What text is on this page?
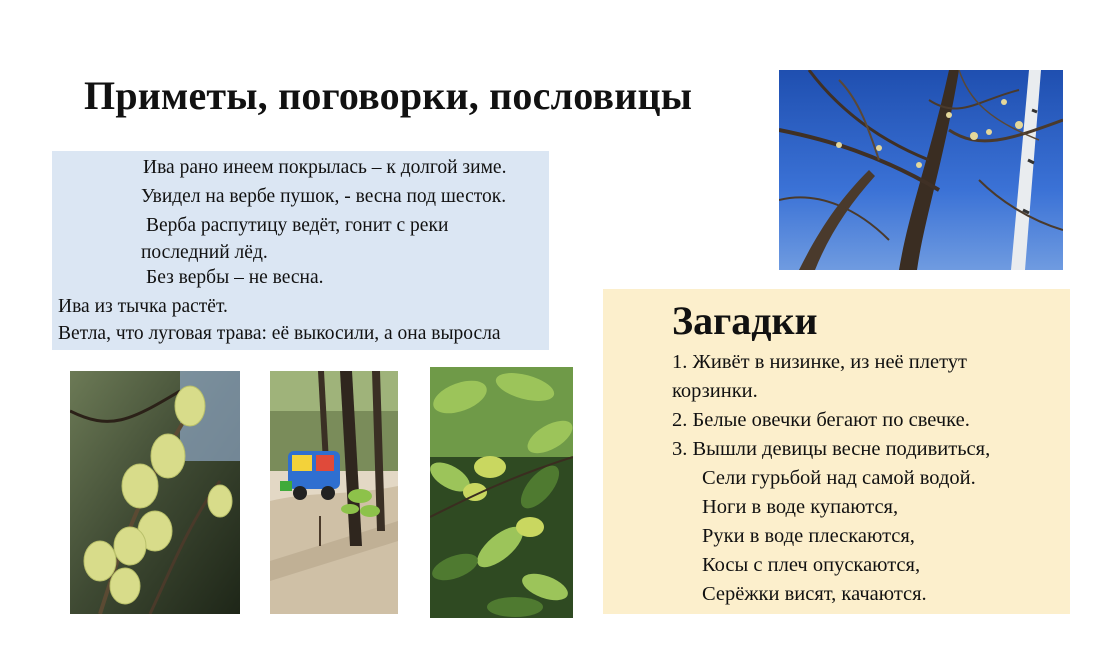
Приметы, поговорки, пословицы
Ива рано инеем покрылась – к долгой зиме.
Увидел на вербе пушок, - весна под шесток.
Верба распутицу ведёт, гонит с реки
последний лёд.
Без вербы – не весна.
Ива из тычка растёт.
Ветла, что луговая трава: её выкосили, а она выросла	Загадки
1. Живёт в низинке, из неё плетут
корзинки.
2. Белые овечки бегают по свечке.
3. Вышли девицы весне подивиться,
Сели гурьбой над самой водой.
Ноги в воде купаются,
Руки в воде плескаются,
Косы с плеч опускаются,
Серёжки висят, качаются.
